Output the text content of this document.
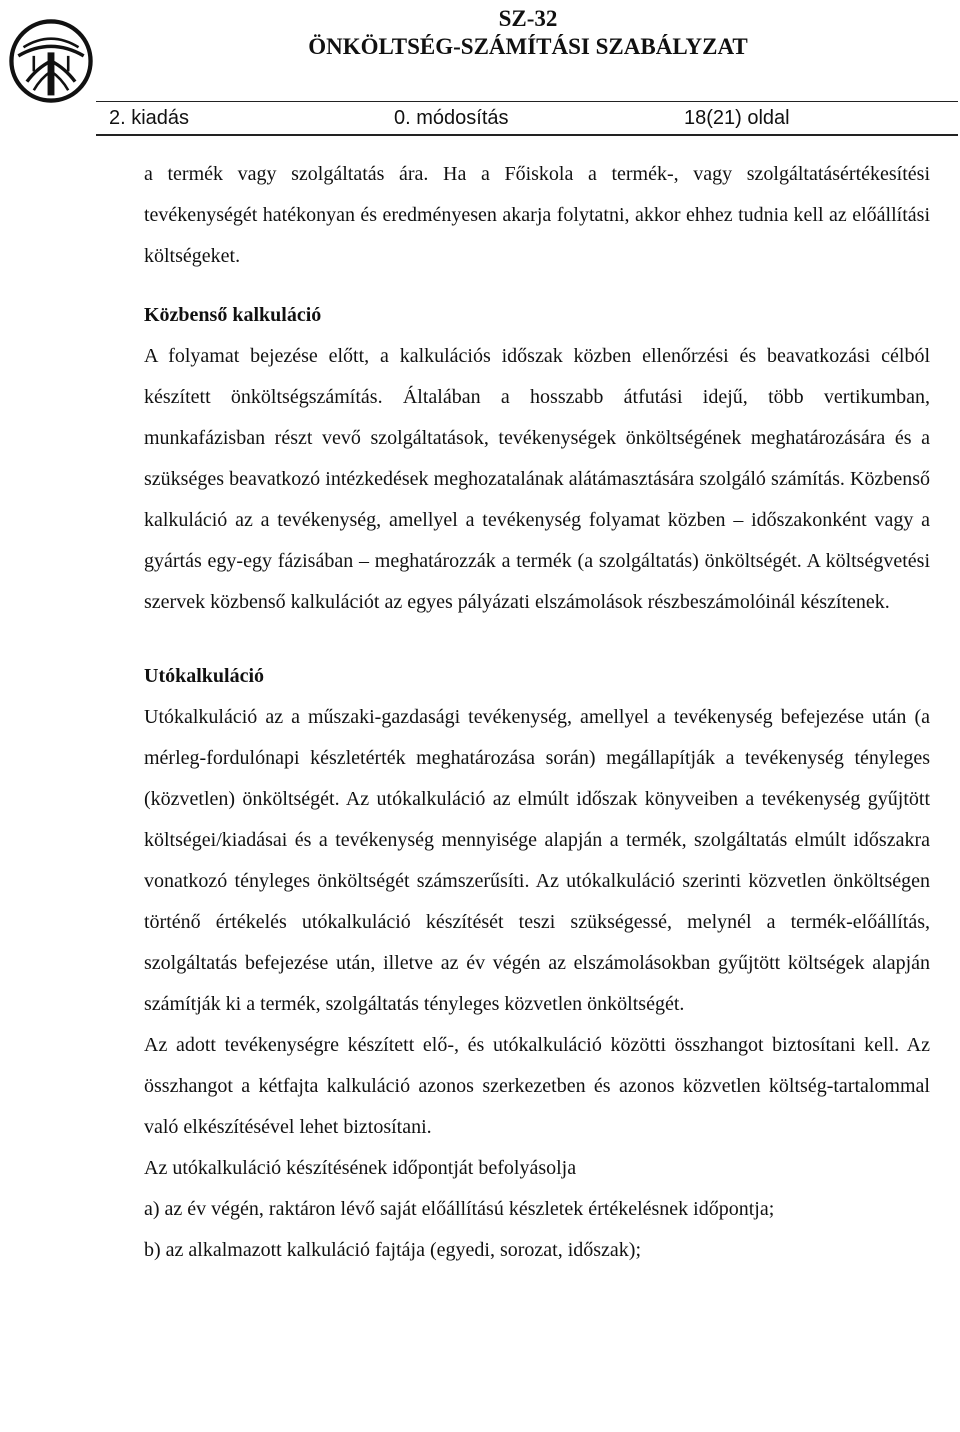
SZ-32
ÖNKÖLTSÉG-SZÁMÍTÁSI SZABÁLYZAT
2. kiadás	0. módosítás	18(21) oldal

a termék vagy szolgáltatás ára. Ha a Főiskola a termék-, vagy szolgáltatásértékesítési tevékenységét hatékonyan és eredményesen akarja folytatni, akkor ehhez tudnia kell az előállítási költségeket.

Közbenső kalkuláció

A folyamat bejezése előtt, a kalkulációs időszak közben ellenőrzési és beavatkozási célból készített önköltségszámítás. Általában a hosszabb átfutási idejű, több vertikumban, munkafázisban részt vevő szolgáltatások, tevékenységek önköltségének meghatározására és a szükséges beavatkozó intézkedések meghozatalának alátámasztására szolgáló számítás. Közbenső kalkuláció az a tevékenység, amellyel a tevékenység folyamat közben ‒ időszakonként vagy a gyártás egy-egy fázisában ‒ meghatározzák a termék (a szolgáltatás) önköltségét. A költségvetési szervek közbenső kalkulációt az egyes pályázati elszámolások részbeszámolóinál készítenek.

Utókalkuláció

Utókalkuláció az a műszaki-gazdasági tevékenység, amellyel a tevékenység befejezése után (a mérleg-fordulónapi készletérték meghatározása során) megállapítják a tevékenység tényleges (közvetlen) önköltségét. Az utókalkuláció az elmúlt időszak könyveiben a tevékenység gyűjtött költségei/kiadásai és a tevékenység mennyisége alapján a termék, szolgáltatás elmúlt időszakra vonatkozó tényleges önköltségét számszerűsíti. Az utókalkuláció szerinti közvetlen önköltségen történő értékelés utókalkuláció készítését teszi szükségessé, melynél a termék-előállítás, szolgáltatás befejezése után, illetve az év végén az elszámolásokban gyűjtött költségek alapján számítják ki a termék, szolgáltatás tényleges közvetlen önköltségét.

Az adott tevékenységre készített elő-, és utókalkuláció közötti összhangot biztosítani kell. Az összhangot a kétfajta kalkuláció azonos szerkezetben és azonos közvetlen költség-tartalommal való elkészítésével lehet biztosítani.

Az utókalkuláció készítésének időpontját befolyásolja

a) az év végén, raktáron lévő saját előállítású készletek értékelésnek időpontja;

b) az alkalmazott kalkuláció fajtája (egyedi, sorozat, időszak);
